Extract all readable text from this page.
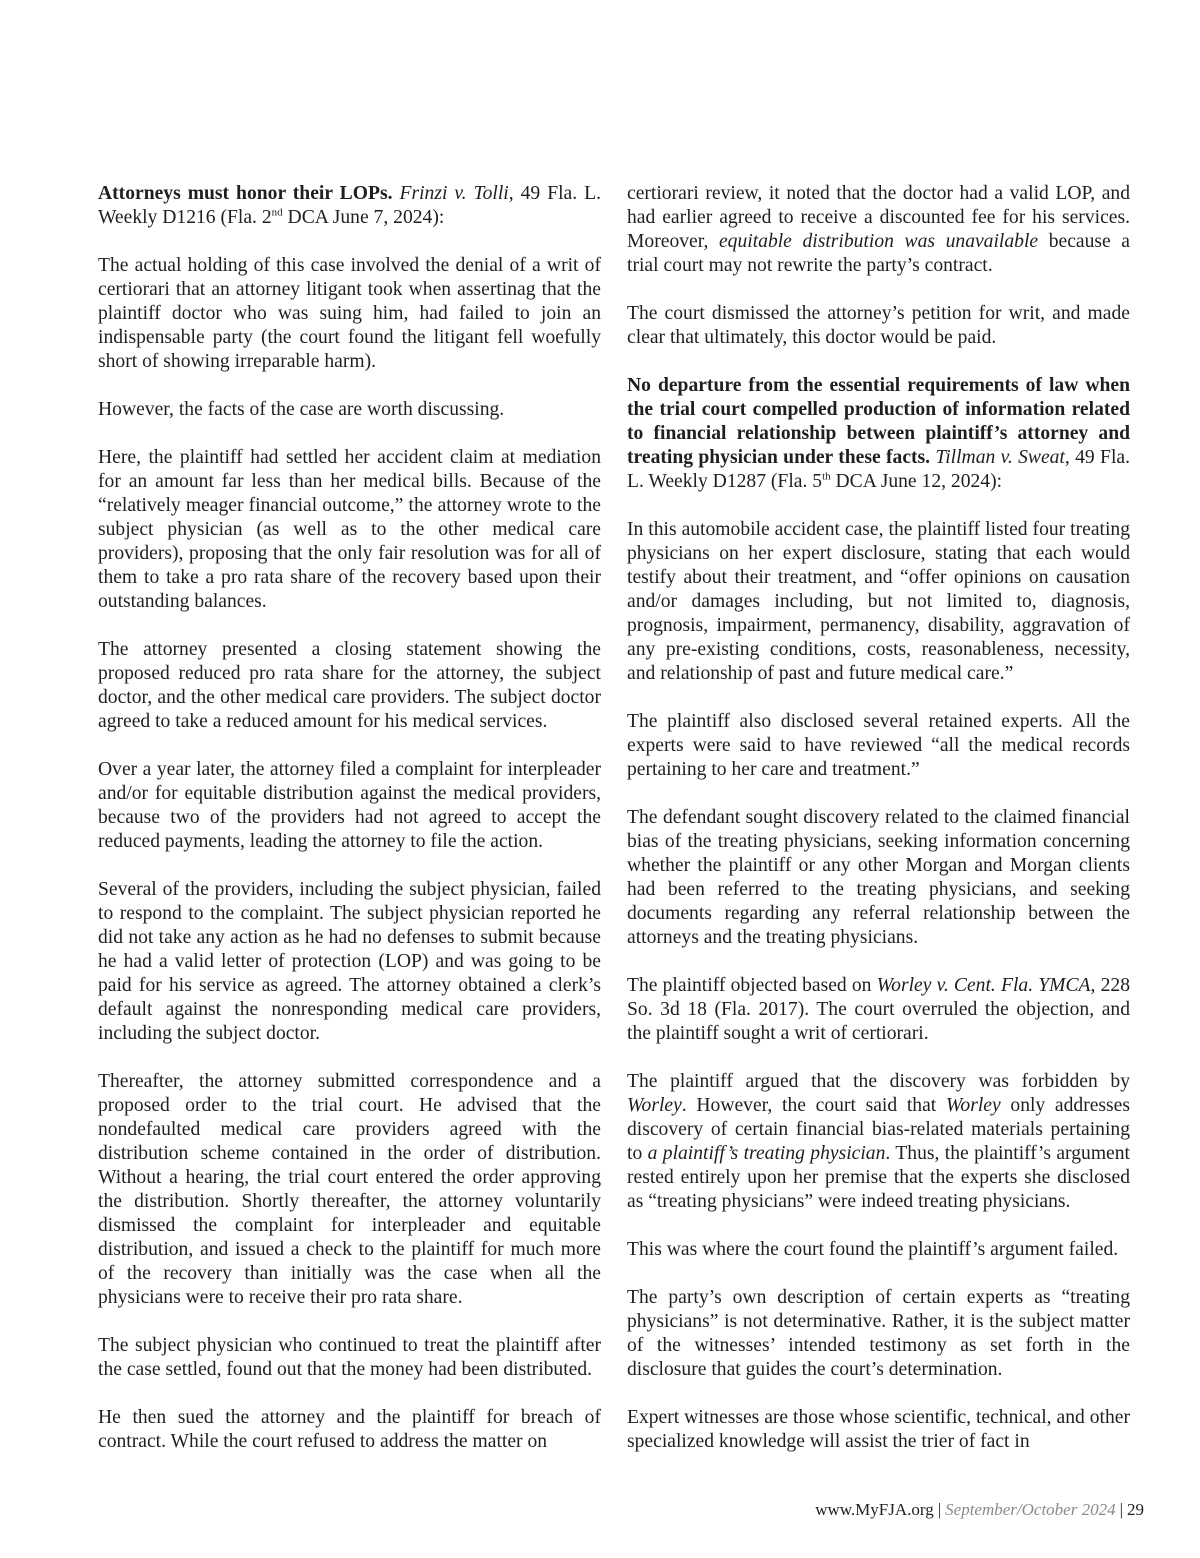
Attorneys must honor their LOPs. Frinzi v. Tolli, 49 Fla. L. Weekly D1216 (Fla. 2nd DCA June 7, 2024):

The actual holding of this case involved the denial of a writ of certiorari that an attorney litigant took when assertinag that the plaintiff doctor who was suing him, had failed to join an indispensable party (the court found the litigant fell woefully short of showing irreparable harm).

However, the facts of the case are worth discussing.

Here, the plaintiff had settled her accident claim at mediation for an amount far less than her medical bills. Because of the “relatively meager financial outcome,” the attorney wrote to the subject physician (as well as to the other medical care providers), proposing that the only fair resolution was for all of them to take a pro rata share of the recovery based upon their outstanding balances.

The attorney presented a closing statement showing the proposed reduced pro rata share for the attorney, the subject doctor, and the other medical care providers. The subject doctor agreed to take a reduced amount for his medical services.

Over a year later, the attorney filed a complaint for interpleader and/or for equitable distribution against the medical providers, because two of the providers had not agreed to accept the reduced payments, leading the attorney to file the action.

Several of the providers, including the subject physician, failed to respond to the complaint. The subject physician reported he did not take any action as he had no defenses to submit because he had a valid letter of protection (LOP) and was going to be paid for his service as agreed. The attorney obtained a clerk’s default against the nonresponding medical care providers, including the subject doctor.

Thereafter, the attorney submitted correspondence and a proposed order to the trial court. He advised that the nondefaulted medical care providers agreed with the distribution scheme contained in the order of distribution. Without a hearing, the trial court entered the order approving the distribution. Shortly thereafter, the attorney voluntarily dismissed the complaint for interpleader and equitable distribution, and issued a check to the plaintiff for much more of the recovery than initially was the case when all the physicians were to receive their pro rata share.

The subject physician who continued to treat the plaintiff after the case settled, found out that the money had been distributed.

He then sued the attorney and the plaintiff for breach of contract. While the court refused to address the matter on

certiorari review, it noted that the doctor had a valid LOP, and had earlier agreed to receive a discounted fee for his services. Moreover, equitable distribution was unavailable because a trial court may not rewrite the party’s contract.

The court dismissed the attorney’s petition for writ, and made clear that ultimately, this doctor would be paid.

No departure from the essential requirements of law when the trial court compelled production of information related to financial relationship between plaintiff’s attorney and treating physician under these facts. Tillman v. Sweat, 49 Fla. L. Weekly D1287 (Fla. 5th DCA June 12, 2024):

In this automobile accident case, the plaintiff listed four treating physicians on her expert disclosure, stating that each would testify about their treatment, and “offer opinions on causation and/or damages including, but not limited to, diagnosis, prognosis, impairment, permanency, disability, aggravation of any pre-existing conditions, costs, reasonableness, necessity, and relationship of past and future medical care.”

The plaintiff also disclosed several retained experts. All the experts were said to have reviewed “all the medical records pertaining to her care and treatment.”

The defendant sought discovery related to the claimed financial bias of the treating physicians, seeking information concerning whether the plaintiff or any other Morgan and Morgan clients had been referred to the treating physicians, and seeking documents regarding any referral relationship between the attorneys and the treating physicians.

The plaintiff objected based on Worley v. Cent. Fla. YMCA, 228 So. 3d 18 (Fla. 2017). The court overruled the objection, and the plaintiff sought a writ of certiorari.

The plaintiff argued that the discovery was forbidden by Worley. However, the court said that Worley only addresses discovery of certain financial bias-related materials pertaining to a plaintiff’s treating physician. Thus, the plaintiff’s argument rested entirely upon her premise that the experts she disclosed as “treating physicians” were indeed treating physicians.

This was where the court found the plaintiff’s argument failed.

The party’s own description of certain experts as “treating physicians” is not determinative. Rather, it is the subject matter of the witnesses’ intended testimony as set forth in the disclosure that guides the court’s determination.

Expert witnesses are those whose scientific, technical, and other specialized knowledge will assist the trier of fact in

www.MyFJA.org | September/October 2024 | 29
